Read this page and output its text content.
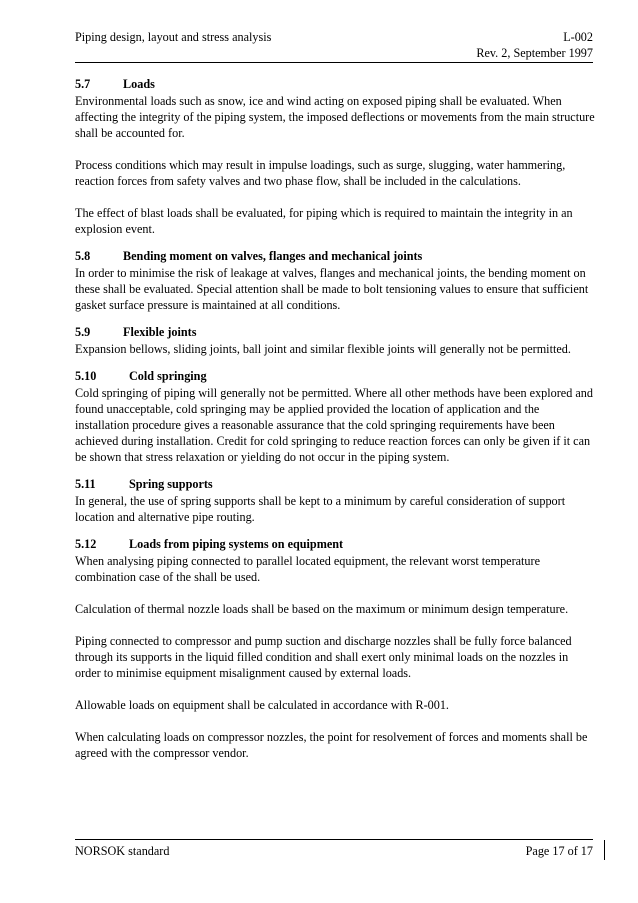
Piping design, layout and stress analysis	L-002
Rev. 2, September 1997
5.7	Loads

Environmental loads such as snow, ice and wind acting on exposed piping shall be evaluated. When affecting the integrity of the piping system, the imposed deflections or movements from the main structure shall be accounted for.

Process conditions which may result in impulse loadings, such as surge, slugging, water hammering, reaction forces from safety valves and two phase flow, shall be included in the calculations.

The effect of blast loads shall be evaluated, for piping which is required to maintain the integrity in an explosion event.

5.8	Bending moment on valves, flanges and mechanical joints

In order to minimise the risk of leakage at valves, flanges and mechanical joints, the bending moment on these shall be evaluated. Special attention shall be made to bolt tensioning values to ensure that sufficient gasket surface pressure is maintained at all conditions.

5.9	Flexible joints

Expansion bellows, sliding joints, ball joint and similar flexible joints will generally not be permitted.

5.10	Cold springing

Cold springing of piping will generally not be permitted. Where all other methods have been explored and found unacceptable, cold springing may be applied provided the location of application and the installation procedure gives a reasonable assurance that the cold springing requirements have been achieved during installation. Credit for cold springing to reduce reaction forces can only be given if it can be shown that stress relaxation or yielding do not occur in the piping system.

5.11	Spring supports

In general, the use of spring supports shall be kept to a minimum by careful consideration of support location and alternative pipe routing.

5.12	Loads from piping systems on equipment

When analysing piping connected to parallel located equipment, the relevant worst temperature combination case of the shall be used.

Calculation of thermal nozzle loads shall be based on the maximum or minimum design temperature.

Piping connected to compressor and pump suction and discharge nozzles shall be fully force balanced through its supports in the liquid filled condition and shall exert only minimal loads on the nozzles in order to minimise equipment misalignment caused by external loads.

Allowable loads on equipment shall be calculated in accordance with R-001.

When calculating loads on compressor nozzles, the point for resolvement of forces and moments shall be agreed with the compressor vendor.

NORSOK standard	Page 17 of 17
